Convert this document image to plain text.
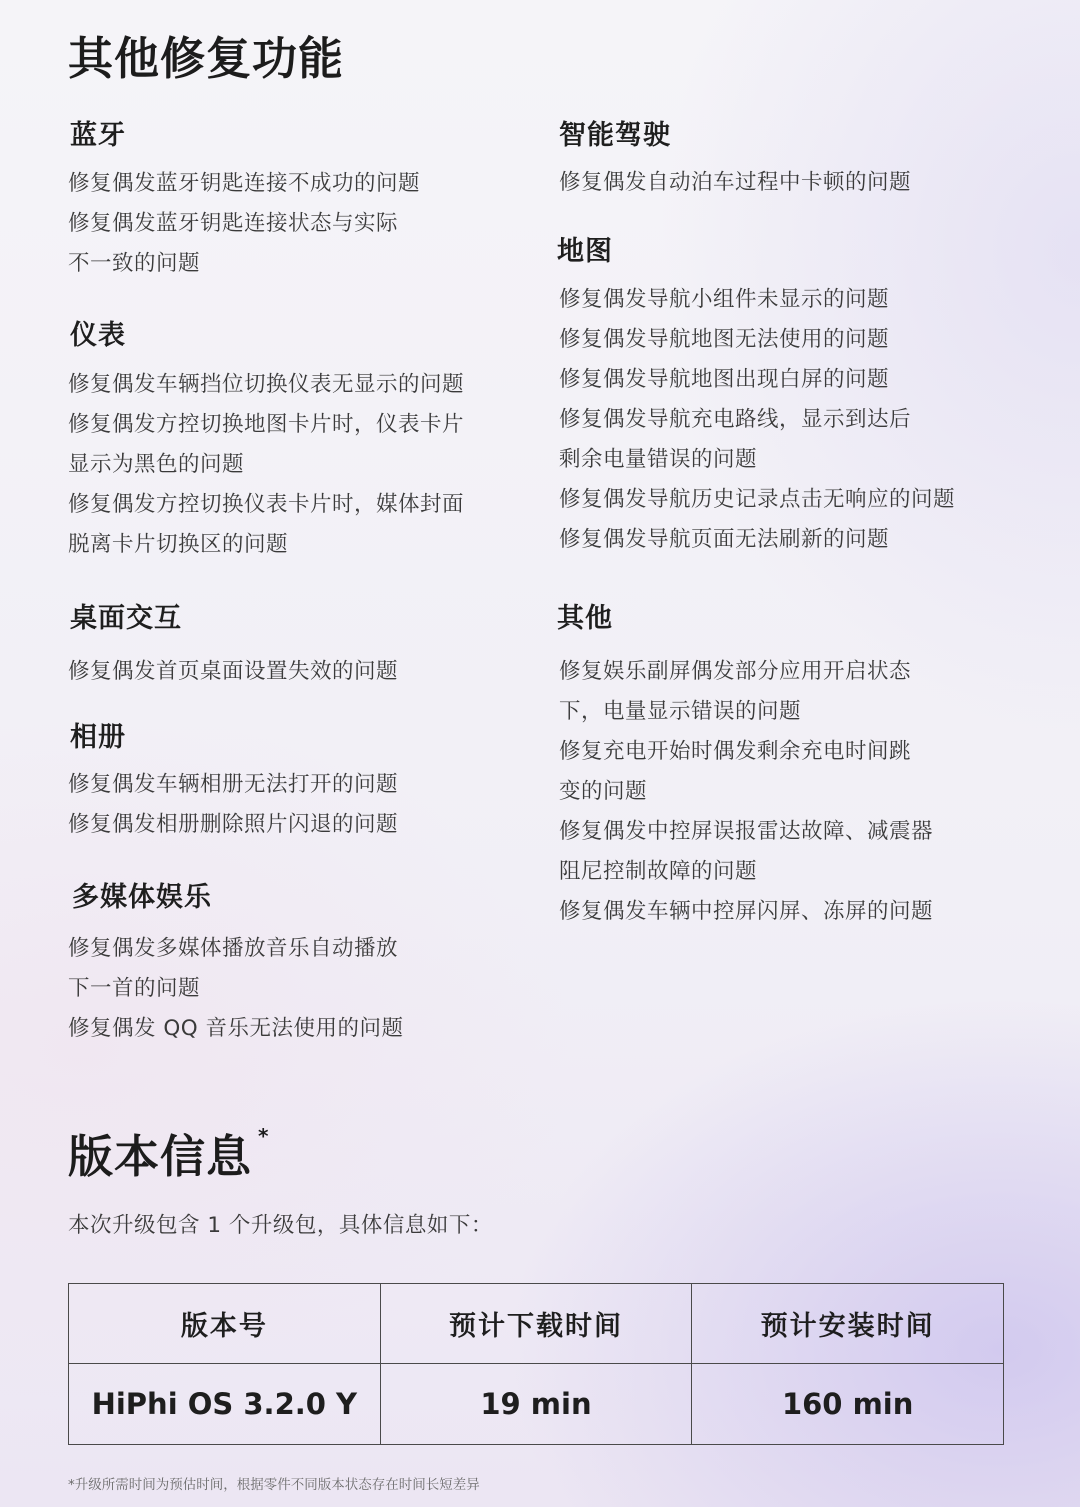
其他修复功能
蓝牙
修复偶发蓝牙钥匙连接不成功的问题
修复偶发蓝牙钥匙连接状态与实际
不一致的问题
仪表
修复偶发车辆挡位切换仪表无显示的问题
修复偶发方控切换地图卡片时，仪表卡片
显示为黑色的问题
修复偶发方控切换仪表卡片时，媒体封面
脱离卡片切换区的问题
桌面交互
修复偶发首页桌面设置失效的问题
相册
修复偶发车辆相册无法打开的问题
修复偶发相册删除照片闪退的问题
多媒体娱乐
修复偶发多媒体播放音乐自动播放
下一首的问题
修复偶发 QQ 音乐无法使用的问题
智能驾驶
修复偶发自动泊车过程中卡顿的问题
地图
修复偶发导航小组件未显示的问题
修复偶发导航地图无法使用的问题
修复偶发导航地图出现白屏的问题
修复偶发导航充电路线，显示到达后
剩余电量错误的问题
修复偶发导航历史记录点击无响应的问题
修复偶发导航页面无法刷新的问题
其他
修复娱乐副屏偶发部分应用开启状态
下，电量显示错误的问题
修复充电开始时偶发剩余充电时间跳
变的问题
修复偶发中控屏误报雷达故障、减震器
阻尼控制故障的问题
修复偶发车辆中控屏闪屏、冻屏的问题
版本信息 *
本次升级包含 1 个升级包，具体信息如下：
版本号	预计下载时间	预计安装时间
HiPhi OS 3.2.0 Y	19 min	160 min
*升级所需时间为预估时间，根据零件不同版本状态存在时间长短差异
